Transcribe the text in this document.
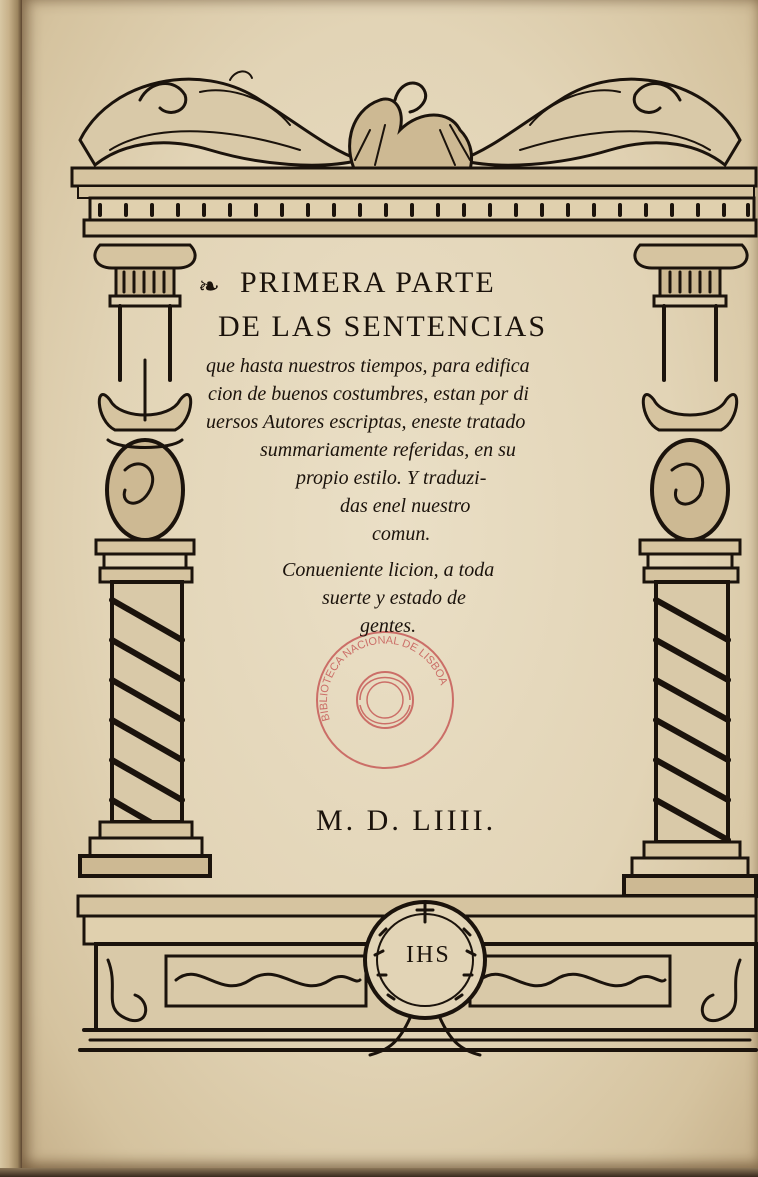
BIBLIOTECA NACIONAL DE LISBOA
❧ PRIMERA PARTE
DE LAS SENTENCIAS
que hasta nuestros tiempos, para edifica
cion de buenos costumbres, estan por di
uersos Autores escriptas, eneste tratado
summariamente referidas, en su
propio estilo. Y traduzi-
das enel nuestro
comun.
Conueniente licion, a toda
suerte y estado de
gentes.
M. D. LIIII.
IHS
